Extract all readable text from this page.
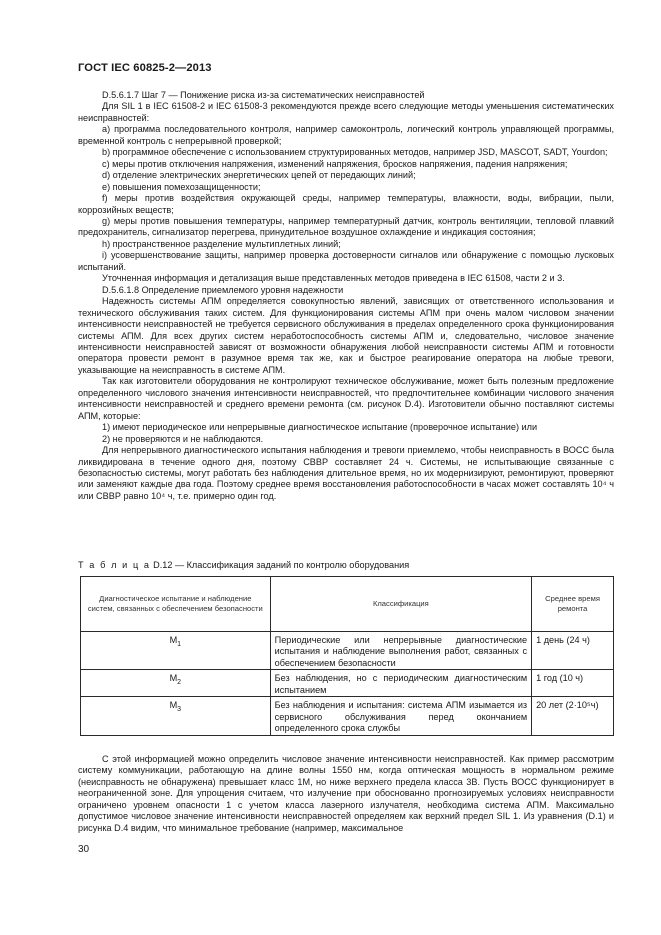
ГОСТ IEC 60825-2—2013

D.5.6.1.7 Шаг 7 — Понижение риска из-за систематических неисправностей

Для SIL 1 в IEC 61508-2 и IEC 61508-3 рекомендуются прежде всего следующие методы уменьшения систематических неисправностей:

a) программа последовательного контроля, например самоконтроль, логический контроль управляющей программы, временной контроль с непрерывной проверкой;

b) программное обеспечение с использованием структурированных методов, например JSD, MASCOT, SADT, Yourdon;

c) меры против отключения напряжения, изменений напряжения, бросков напряжения, падения напряжения;

d) отделение электрических энергетических цепей от передающих линий;

e) повышения помехозащищенности;

f) меры против воздействия окружающей среды, например температуры, влажности, воды, вибрации, пыли, коррозийных веществ;

g) меры против повышения температуры, например температурный датчик, контроль вентиляции, тепловой плавкий предохранитель, сигнализатор перегрева, принудительное воздушное охлаждение и индикация состояния;

h) пространственное разделение мультиплетных линий;

i) усовершенствование защиты, например проверка достоверности сигналов или обнаружение с помощью лусковых испытаний.

Уточненная информация и детализация выше представленных методов приведена в IEC 61508, части 2 и 3.

D.5.6.1.8 Определение приемлемого уровня надежности

Надежность системы АПМ определяется совокупностью явлений, зависящих от ответственного использования и технического обслуживания таких систем. Для функционирования системы АПМ при очень малом числовом значении интенсивности неисправностей не требуется сервисного обслуживания в пределах определенного срока функционирования системы АПМ. Для всех других систем неработоспособность системы АПМ и, следовательно, числовое значение интенсивности неисправностей зависят от возможности обнаружения любой неисправности системы АПМ и готовности оператора провести ремонт в разумное время так же, как и быстрое реагирование оператора на любые тревоги, указывающие на неисправность в системе АПМ.

Так как изготовители оборудования не контролируют техническое обслуживание, может быть полезным предложение определенного числового значения интенсивности неисправностей, что предпочтительнее комбинации числового значения интенсивности неисправностей и среднего времени ремонта (см. рисунок D.4). Изготовители обычно поставляют системы АПМ, которые:

1) имеют периодическое или непрерывные диагностическое испытание (проверочное испытание) или

2) не проверяются и не наблюдаются.

Для непрерывного диагностического испытания наблюдения и тревоги приемлемо, чтобы неисправность в ВОСС была ликвидирована в течение одного дня, поэтому СВВР составляет 24 ч. Системы, не испытывающие связанные с безопасностью системы, могут работать без наблюдения длительное время, но их модернизируют, ремонтируют, проверяют или заменяют каждые два года. Поэтому среднее время восстановления работоспособности в часах может составлять 10⁴ ч или СВВР равно 10⁴ ч, т.е. примерно один год.

Т а б л и ц а D.12 — Классификация заданий по контролю оборудования
Диагностическое испытание и наблюдение систем, связанных с обеспечением безопасности	Классификация	Среднее время ремонта
$M_1$	Периодические или непрерывные диагностические испытания и наблюдение выполнения работ, связанных с обеспечением безопасности	1 день (24 ч)
$M_2$	Без наблюдения, но с периодическим диагностическим испытанием	1 год (10 ч)
$M_3$	Без наблюдения и испытания: система АПМ изымается из сервисного обслуживания перед окончанием определенного срока службы	20 лет (2·10⁵ч)

С этой информацией можно определить числовое значение интенсивности неисправностей. Как пример рассмотрим систему коммуникации, работающую на длине волны 1550 нм, когда оптическая мощность в нормальном режиме (неисправность не обнаружена) превышает класс 1М, но ниже верхнего предела класса 3В. Пусть ВОСС функционирует в неограниченной зоне. Для упрощения считаем, что излучение при обоснованно прогнозируемых условиях неисправности ограничено уровнем опасности 1 с учетом класса лазерного излучателя, необходима система АПМ. Максимально допустимое числовое значение интенсивности неисправностей определяем как верхний предел SIL 1. Из уравнения (D.1) и рисунка D.4 видим, что минимальное требование (например, максимальное

30
